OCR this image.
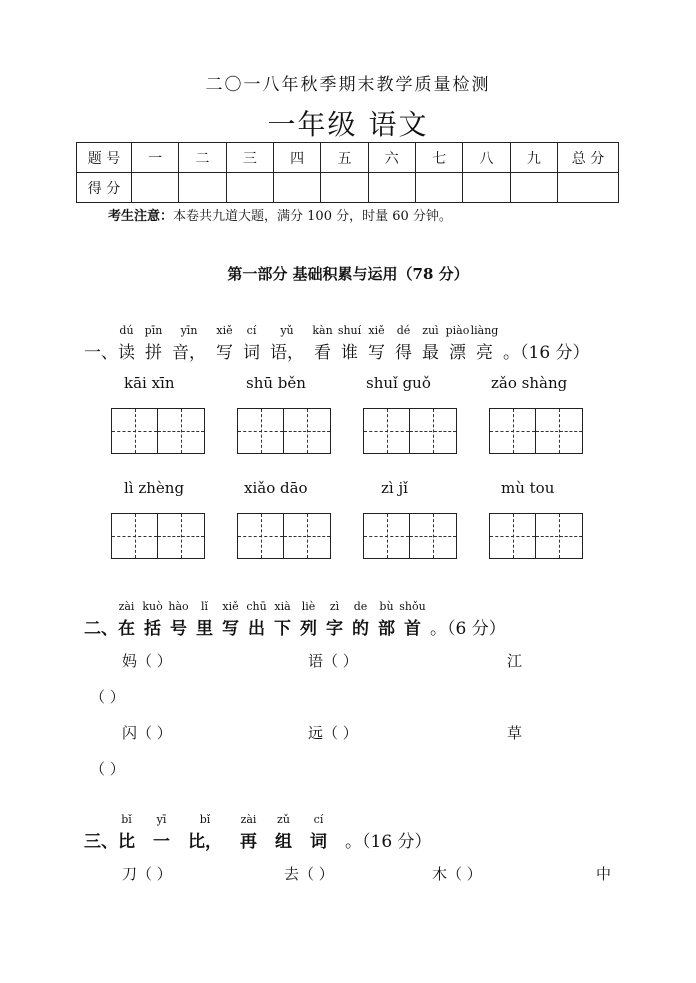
二〇一八年秋季期末教学质量检测
一年级 语文
题 号	一	二	三	四	五	六	七	八	九	总 分
得 分										
考生注意：本卷共九道大题，满分 100 分，时量 60 分钟。
第一部分 基础积累与运用（78 分）
一、
dú
读
pīn
拼
yīn
音，
xiě
写
cí
词
yǔ
语，
kàn
看
shuí
谁
xiě
写
dé
得
zuì
最
piào
漂
liàng
亮 。（16 分）
kāi xīn	shū běn	shuǐ guǒ	zǎo shàng
lì zhèng	xiǎo dāo	zì jǐ	mù tou
二、
zài
在
kuò
括
hào
号
lǐ
里
xiě
写
chū
出
xià
下
liè
列
zì
字
de
的
bù
部
shǒu
首 。（6 分）
妈（ ）	语（ ）	江
（ ）
闪（ ）	远（ ）	草
（ ）
三、
bǐ
比
yī
一
bǐ
比，
zài
再
zǔ
组
cí
词 。（16 分）
刀（ ）	去（ ）	木（ ）	中
